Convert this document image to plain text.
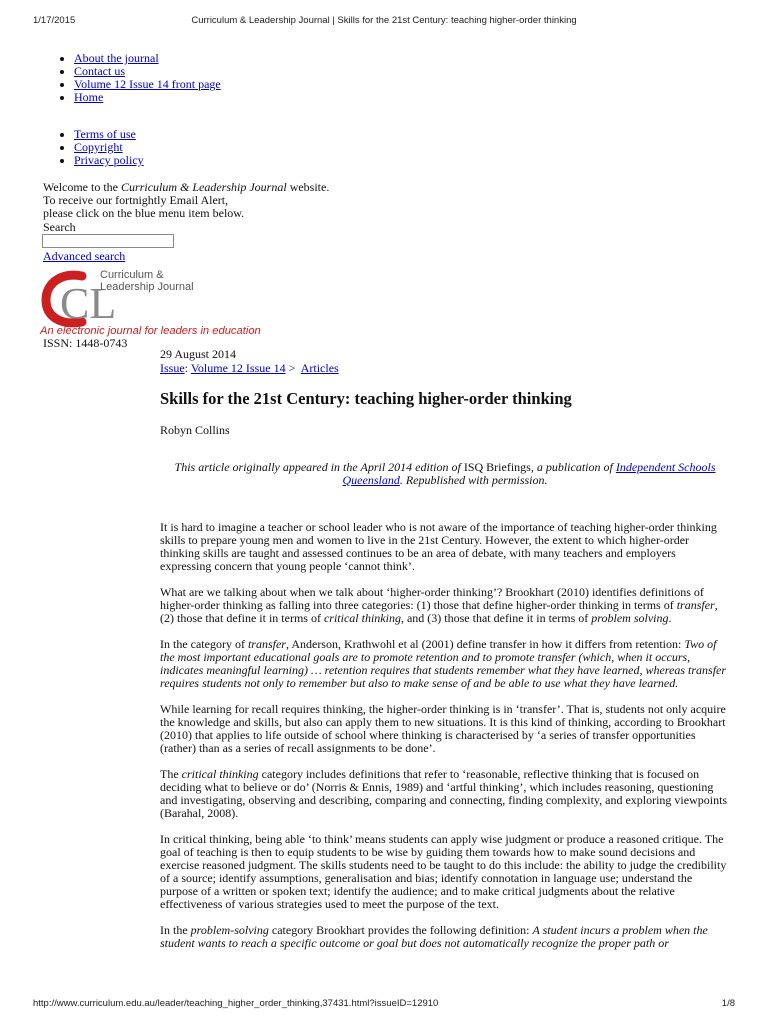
1/17/2015	Curriculum & Leadership Journal | Skills for the 21st Century: teaching higher-order thinking
• About the journal
• Contact us
• Volume 12 Issue 14 front page
• Home
• Terms of use
• Copyright
• Privacy policy
Welcome to the Curriculum & Leadership Journal website.
To receive our fortnightly Email Alert,
please click on the blue menu item below.
Search
Advanced search
CL
Curriculum &
Leadership Journal
An electronic journal for leaders in education
ISSN: 1448-0743
29 August 2014
Issue: Volume 12 Issue 14 > Articles
Skills for the 21st Century: teaching higher-order thinking
Robyn Collins
This article originally appeared in the April 2014 edition of ISQ Briefings, a publication of Independent Schools Queensland. Republished with permission.

It is hard to imagine a teacher or school leader who is not aware of the importance of teaching higher-order thinking skills to prepare young men and women to live in the 21st Century. However, the extent to which higher-order thinking skills are taught and assessed continues to be an area of debate, with many teachers and employers expressing concern that young people ‘cannot think’.

What are we talking about when we talk about ‘higher-order thinking’? Brookhart (2010) identifies definitions of higher-order thinking as falling into three categories: (1) those that define higher-order thinking in terms of transfer, (2) those that define it in terms of critical thinking, and (3) those that define it in terms of problem solving.

In the category of transfer, Anderson, Krathwohl et al (2001) define transfer in how it differs from retention: Two of the most important educational goals are to promote retention and to promote transfer (which, when it occurs, indicates meaningful learning) … retention requires that students remember what they have learned, whereas transfer requires students not only to remember but also to make sense of and be able to use what they have learned.

While learning for recall requires thinking, the higher-order thinking is in ‘transfer’. That is, students not only acquire the knowledge and skills, but also can apply them to new situations. It is this kind of thinking, according to Brookhart (2010) that applies to life outside of school where thinking is characterised by ‘a series of transfer opportunities (rather) than as a series of recall assignments to be done’.

The critical thinking category includes definitions that refer to ‘reasonable, reflective thinking that is focused on deciding what to believe or do’ (Norris & Ennis, 1989) and ‘artful thinking’, which includes reasoning, questioning and investigating, observing and describing, comparing and connecting, finding complexity, and exploring viewpoints (Barahal, 2008).

In critical thinking, being able ‘to think’ means students can apply wise judgment or produce a reasoned critique. The goal of teaching is then to equip students to be wise by guiding them towards how to make sound decisions and exercise reasoned judgment. The skills students need to be taught to do this include: the ability to judge the credibility of a source; identify assumptions, generalisation and bias; identify connotation in language use; understand the purpose of a written or spoken text; identify the audience; and to make critical judgments about the relative effectiveness of various strategies used to meet the purpose of the text.

In the problem-solving category Brookhart provides the following definition: A student incurs a problem when the student wants to reach a specific outcome or goal but does not automatically recognize the proper path or

http://www.curriculum.edu.au/leader/teaching_higher_order_thinking,37431.html?issueID=12910	1/8
